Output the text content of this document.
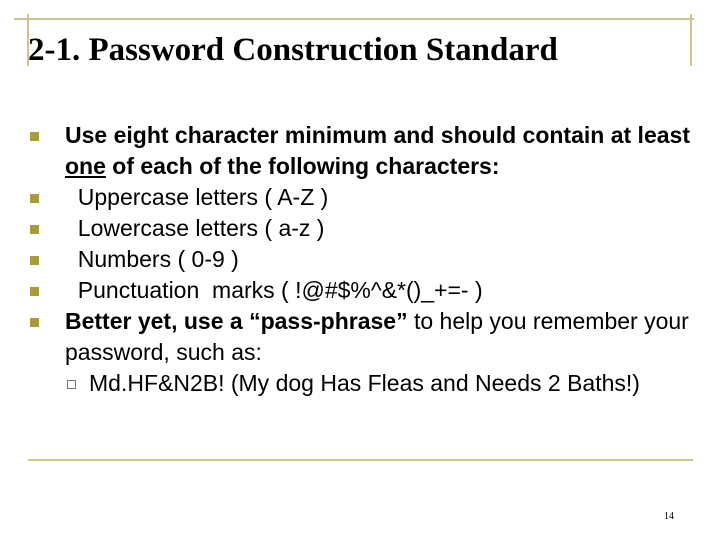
2-1. Password Construction Standard
Use eight character minimum and should contain at least one of each of the following characters:
Uppercase letters ( A-Z )
Lowercase letters ( a-z )
Numbers ( 0-9 )
Punctuation  marks ( !@#$%^&*()_+=- )
Better yet, use a “pass-phrase” to help you remember your password, such as:
Md.HF&N2B! (My dog Has Fleas and Needs 2 Baths!)
14
